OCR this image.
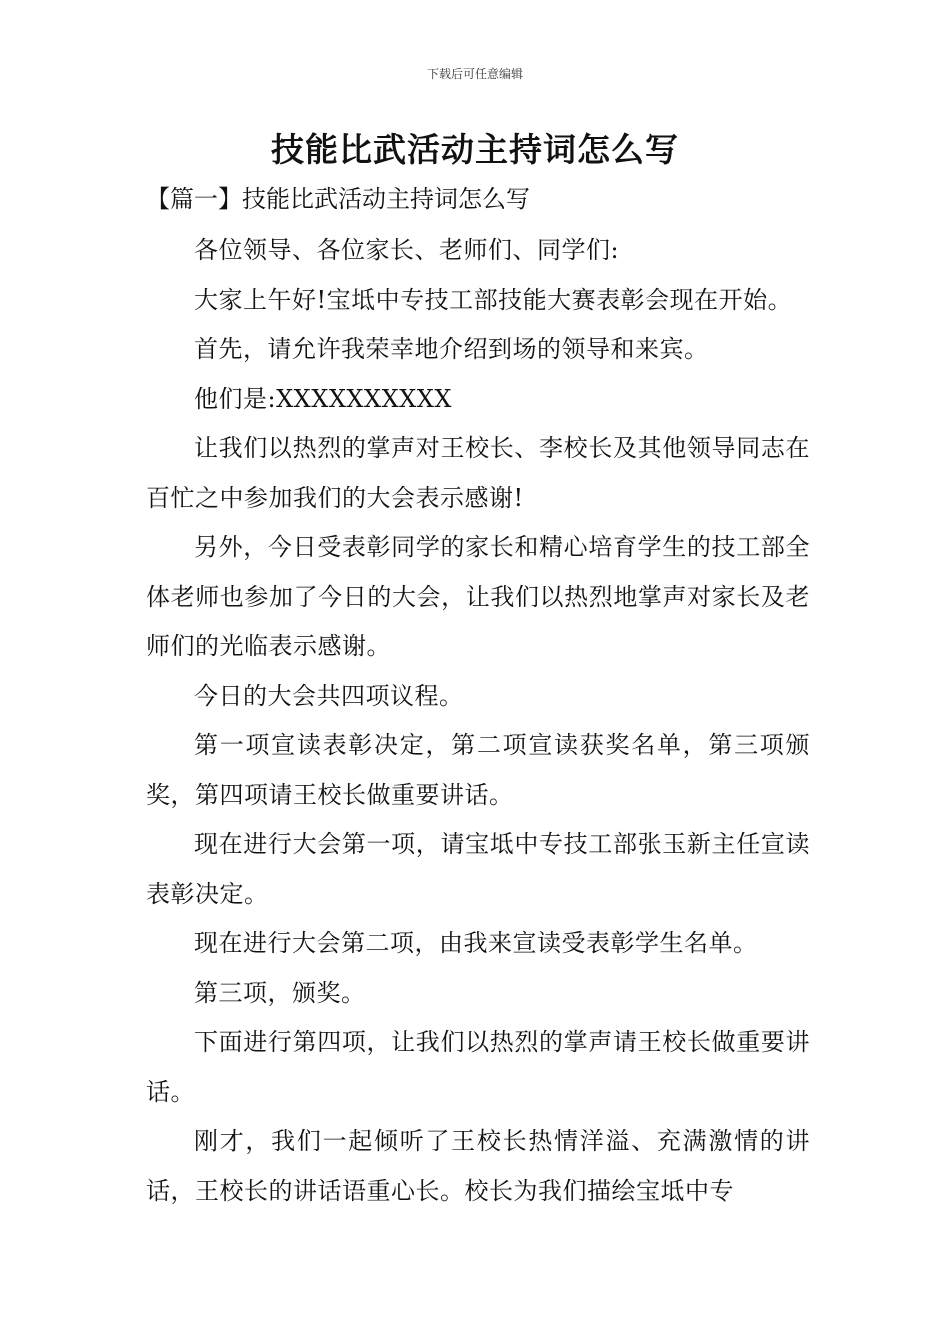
下载后可任意编辑
技能比武活动主持词怎么写
【篇一】技能比武活动主持词怎么写

各位领导、各位家长、老师们、同学们:

大家上午好!宝坻中专技工部技能大赛表彰会现在开始。

首先，请允许我荣幸地介绍到场的领导和来宾。

他们是:XXXXXXXXXX

让我们以热烈的掌声对王校长、李校长及其他领导同志在百忙之中参加我们的大会表示感谢!

另外，今日受表彰同学的家长和精心培育学生的技工部全体老师也参加了今日的大会，让我们以热烈地掌声对家长及老师们的光临表示感谢。

今日的大会共四项议程。

第一项宣读表彰决定，第二项宣读获奖名单，第三项颁奖，第四项请王校长做重要讲话。

现在进行大会第一项，请宝坻中专技工部张玉新主任宣读表彰决定。

现在进行大会第二项，由我来宣读受表彰学生名单。

第三项，颁奖。

下面进行第四项，让我们以热烈的掌声请王校长做重要讲话。

刚才，我们一起倾听了王校长热情洋溢、充满激情的讲话，王校长的讲话语重心长。校长为我们描绘宝坻中专
